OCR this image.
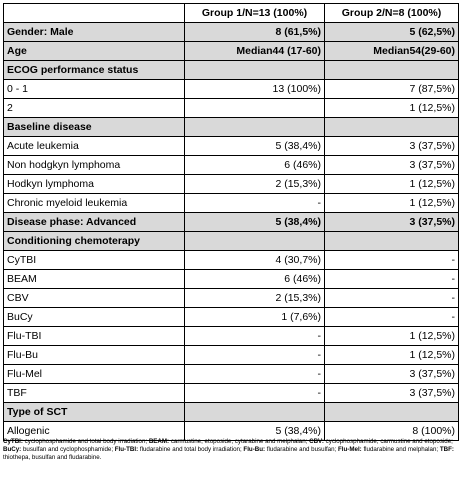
	Group 1/N=13 (100%)	Group 2/N=8 (100%)
Gender: Male	8 (61,5%)	5 (62,5%)
Age	Median44 (17-60)	Median54(29-60)
ECOG performance status		
0 - 1	13 (100%)	7 (87,5%)
2		1 (12,5%)
Baseline disease		
Acute leukemia	5 (38,4%)	3 (37,5%)
Non hodgkyn lymphoma	6 (46%)	3 (37,5%)
Hodkyn lymphoma	2 (15,3%)	1 (12,5%)
Chronic myeloid leukemia	-	1 (12,5%)
Disease phase: Advanced	5 (38,4%)	3 (37,5%)
Conditioning chemoterapy		
CyTBI	4 (30,7%)	-
BEAM	6 (46%)	-
CBV	2 (15,3%)	-
BuCy	1 (7,6%)	-
Flu-TBI	-	1 (12,5%)
Flu-Bu	-	1 (12,5%)
Flu-Mel	-	3 (37,5%)
TBF	-	3 (37,5%)
Type of SCT		
Allogenic	5 (38,4%)	8 (100%)
CyTBI: cyclophosphamide and total body irradiation; BEAM: carmustine, etoposide, cytarabine and melphalan; CBV: cyclophosphamide, carmustine and etoposide; BuCy: busulfan and cyclophosphamide; Flu-TBI: fludarabine and total body irradiation; Flu-Bu: fludarabine and busulfan; Flu-Mel: fludarabine and melphalan; TBF: thiothepa, busulfan and fludarabine.
